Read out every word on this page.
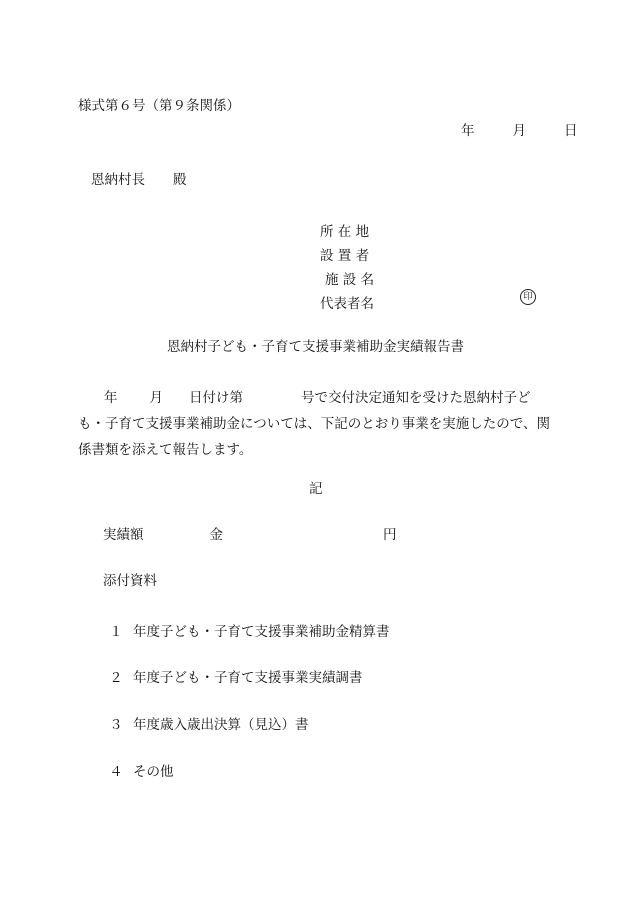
様式第６号（第９条関係）
年	月	日
恩納村長 殿
所 在 地
設 置 者
施 設 名
代表者名	印
恩納村子ども・子育て支援事業補助金実績報告書
年 月 日付け第	号で交付決定通知を受けた恩納村子ども・子育て支援事業補助金については、下記のとおり事業を実施したので、関係書類を添えて報告します。
記
実績額	金	円
添付資料
１ 年度子ども・子育て支援事業補助金精算書
２ 年度子ども・子育て支援事業実績調書
３ 年度歳入歳出決算（見込）書
４ その他
